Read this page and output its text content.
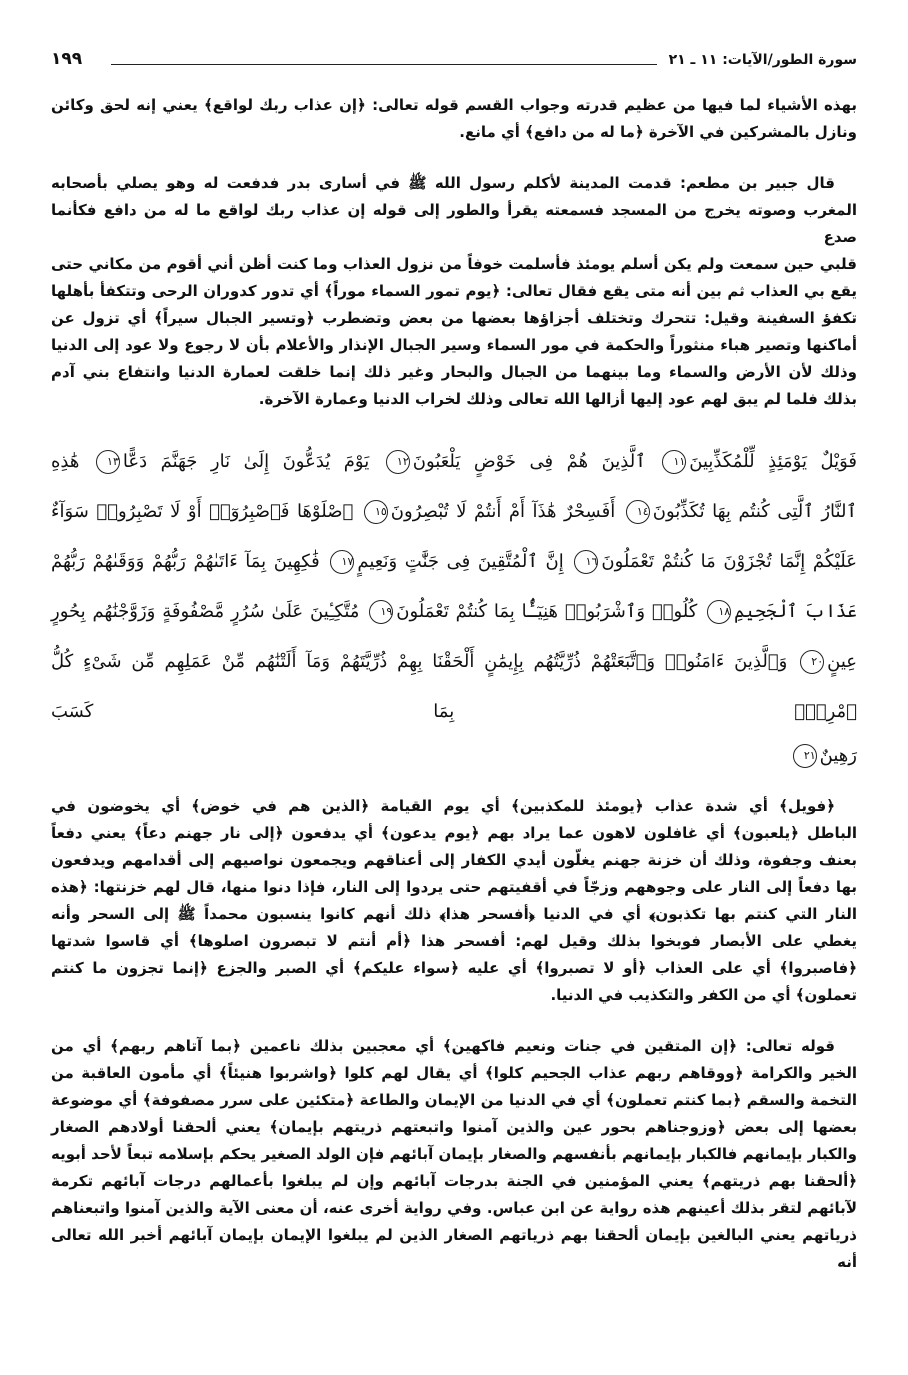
سورة الطور/الآيات: ١١ ـ ٢١
١٩٩
بهذه الأشياء لما فيها من عظيم قدرته وجواب القسم قوله تعالى: ﴿إن عذاب ربك لواقع﴾ يعني إنه لحق وكائن
ونازل بالمشركين في الآخرة ﴿ما له من دافع﴾ أي مانع.
قال جبير بن مطعم: قدمت المدينة لأكلم رسول الله ﷺ في أسارى بدر فدفعت له وهو يصلي بأصحابه
المغرب وصوته يخرج من المسجد فسمعته يقرأ والطور إلى قوله إن عذاب ربك لواقع ما له من دافع فكأنما صدع
قلبي حين سمعت ولم يكن أسلم يومئذ فأسلمت خوفاً من نزول العذاب وما كنت أظن أني أقوم من مكاني حتى
يقع بي العذاب ثم بين أنه متى يقع فقال تعالى: ﴿يوم تمور السماء موراً﴾ أي تدور كدوران الرحى وتتكفأ بأهلها
تكفؤ السفينة وقيل: تتحرك وتختلف أجزاؤها بعضها من بعض وتضطرب ﴿وتسير الجبال سيراً﴾ أي تزول عن
أماكنها وتصير هباء منثوراً والحكمة في مور السماء وسير الجبال الإنذار والأعلام بأن لا رجوع ولا عود إلى الدنيا
وذلك لأن الأرض والسماء وما بينهما من الجبال والبحار وغير ذلك إنما خلقت لعمارة الدنيا وانتفاع بني آدم
بذلك فلما لم يبق لهم عود إليها أزالها الله تعالى وذلك لخراب الدنيا وعمارة الآخرة.
فَوَيْلٌ يَوْمَئِذٍ لِّلْمُكَذِّبِينَ١١ ٱلَّذِينَ هُمْ فِى خَوْضٍ يَلْعَبُونَ١٢ يَوْمَ يُدَعُّونَ إِلَىٰ نَارِ جَهَنَّمَ دَعًّا١٣ هَٰذِهِ
ٱلنَّارُ ٱلَّتِى كُنتُم بِهَا تُكَذِّبُونَ١٤ أَفَسِحْرٌ هَٰذَآ أَمْ أَنتُمْ لَا تُبْصِرُونَ١٥ ٱصْلَوْهَا فَٱصْبِرُوٓا۟ أَوْ لَا تَصْبِرُوا۟ سَوَآءٌ
عَلَيْكُمْ إِنَّمَا تُجْزَوْنَ مَا كُنتُمْ تَعْمَلُونَ١٦ إِنَّ ٱلْمُتَّقِينَ فِى جَنَّٰتٍ وَنَعِيمٍ١٧ فَٰكِهِينَ بِمَآ ءَاتَىٰهُمْ رَبُّهُمْ وَوَقَىٰهُمْ رَبُّهُمْ
عَذَابَ ٱلْجَحِيمِ١٨ كُلُوا۟ وَٱشْرَبُوا۟ هَنِيٓـًٔۢا بِمَا كُنتُمْ تَعْمَلُونَ١٩ مُتَّكِـِٔينَ عَلَىٰ سُرُرٍ مَّصْفُوفَةٍ وَزَوَّجْنَٰهُم بِحُورٍ
عِينٍ٢٠ وَٱلَّذِينَ ءَامَنُوا۟ وَٱتَّبَعَتْهُمْ ذُرِّيَّتُهُم بِإِيمَٰنٍ أَلْحَقْنَا بِهِمْ ذُرِّيَّتَهُمْ وَمَآ أَلَتْنَٰهُم مِّنْ عَمَلِهِم مِّن شَىْءٍ كُلُّ ٱمْرِئٍۭ بِمَا كَسَبَ
رَهِينٌ٢١
﴿فويل﴾ أي شدة عذاب ﴿يومئذ للمكذبين﴾ أي يوم القيامة ﴿الذين هم في خوض﴾ أي يخوضون في
الباطل ﴿يلعبون﴾ أي غافلون لاهون عما يراد بهم ﴿يوم يدعون﴾ أي يدفعون ﴿إلى نار جهنم دعاً﴾ يعني دفعاً
بعنف وجفوة، وذلك أن خزنة جهنم يغلّون أيدي الكفار إلى أعناقهم ويجمعون نواصيهم إلى أقدامهم ويدفعون
بها دفعاً إلى النار على وجوههم وزجّاً في أقفيتهم حتى يردوا إلى النار، فإذا دنوا منها، قال لهم خزنتها: ﴿هذه
النار التي كنتم بها تكذبون﴾ أي في الدنيا ﴿أفسحر هذا﴾ ذلك أنهم كانوا ينسبون محمداً ﷺ إلى السحر وأنه
يغطي على الأبصار فوبخوا بذلك وقيل لهم: أفسحر هذا ﴿أم أنتم لا تبصرون اصلوها﴾ أي قاسوا شدتها
﴿فاصبروا﴾ أي على العذاب ﴿أو لا تصبروا﴾ أي عليه ﴿سواء عليكم﴾ أي الصبر والجزع ﴿إنما تجزون ما كنتم
تعملون﴾ أي من الكفر والتكذيب في الدنيا.
قوله تعالى: ﴿إن المتقين في جنات ونعيم فاكهين﴾ أي معجبين بذلك ناعمين ﴿بما آتاهم ربهم﴾ أي من
الخير والكرامة ﴿ووقاهم ربهم عذاب الجحيم كلوا﴾ أي يقال لهم كلوا ﴿واشربوا هنيئاً﴾ أي مأمون العاقبة من
التخمة والسقم ﴿بما كنتم تعملون﴾ أي في الدنيا من الإيمان والطاعة ﴿متكئين على سرر مصفوفة﴾ أي موضوعة
بعضها إلى بعض ﴿وزوجناهم بحور عين والذين آمنوا واتبعتهم ذريتهم بإيمان﴾ يعني ألحقنا أولادهم الصغار
والكبار بإيمانهم فالكبار بإيمانهم بأنفسهم والصغار بإيمان آبائهم فإن الولد الصغير يحكم بإسلامه تبعاً لأحد أبويه
﴿ألحقنا بهم ذريتهم﴾ يعني المؤمنين في الجنة بدرجات آبائهم وإن لم يبلغوا بأعمالهم درجات آبائهم تكرمة
لآبائهم لتقر بذلك أعينهم هذه رواية عن ابن عباس. وفي رواية أخرى عنه، أن معنى الآية والذين آمنوا واتبعناهم
ذرياتهم يعني البالغين بإيمان ألحقنا بهم ذرياتهم الصغار الذين لم يبلغوا الإيمان بإيمان آبائهم أخبر الله تعالى أنه
